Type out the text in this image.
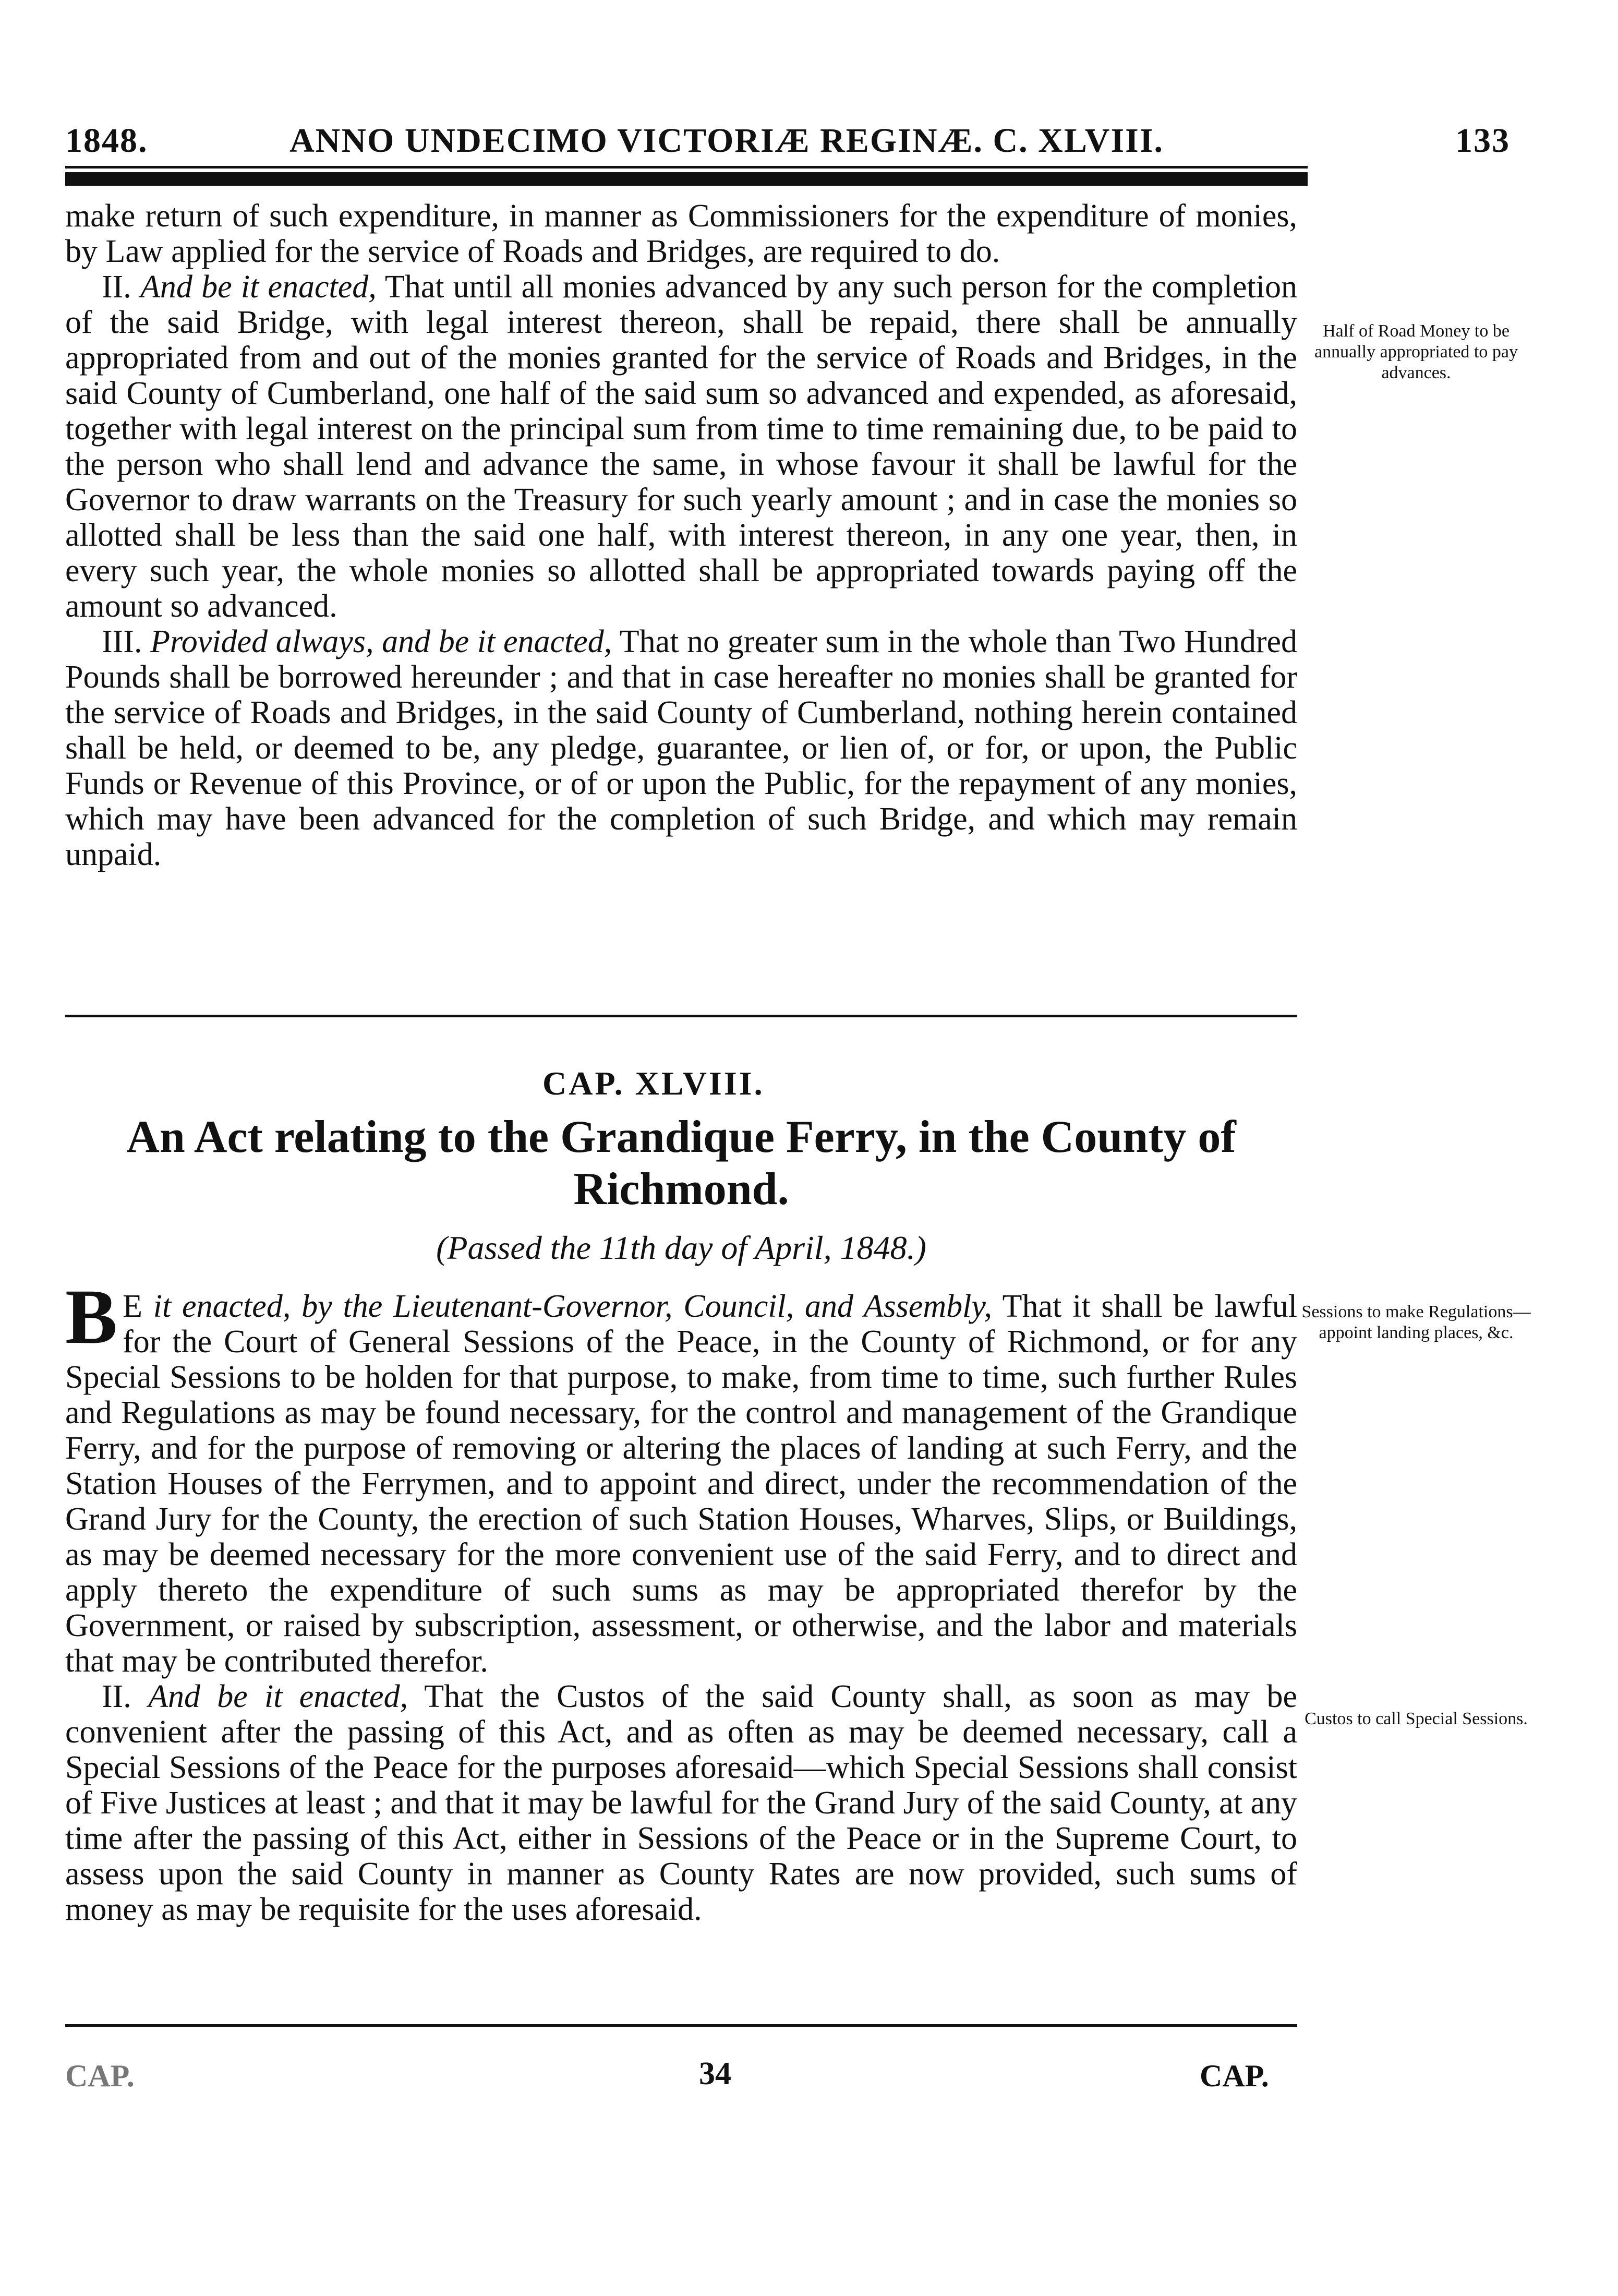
1848.	ANNO UNDECIMO VICTORIÆ REGINÆ. C. XLVIII.	133

make return of such expenditure, in manner as Commissioners for the expenditure of monies, by Law applied for the service of Roads and Bridges, are required to do.

II. And be it enacted, That until all monies advanced by any such person for the completion of the said Bridge, with legal interest thereon, shall be repaid, there shall be annually appropriated from and out of the monies granted for the service of Roads and Bridges, in the said County of Cumberland, one half of the said sum so advanced and expended, as aforesaid, together with legal interest on the principal sum from time to time remaining due, to be paid to the person who shall lend and advance the same, in whose favour it shall be lawful for the Governor to draw warrants on the Treasury for such yearly amount ; and in case the monies so allotted shall be less than the said one half, with interest thereon, in any one year, then, in every such year, the whole monies so allotted shall be appropriated towards paying off the amount so advanced.

III. Provided always, and be it enacted, That no greater sum in the whole than Two Hundred Pounds shall be borrowed hereunder ; and that in case hereafter no monies shall be granted for the service of Roads and Bridges, in the said County of Cumberland, nothing herein contained shall be held, or deemed to be, any pledge, guarantee, or lien of, or for, or upon, the Public Funds or Revenue of this Province, or of or upon the Public, for the repayment of any monies, which may have been advanced for the completion of such Bridge, and which may remain unpaid.

Half of Road Money to be annually appropriated to pay advances.
CAP. XLVIII.
An Act relating to the Grandique Ferry, in the County of Richmond.
(Passed the 11th day of April, 1848.)

B E it enacted, by the Lieutenant-Governor, Council, and Assembly, That it shall be lawful for the Court of General Sessions of the Peace, in the County of Richmond, or for any Special Sessions to be holden for that purpose, to make, from time to time, such further Rules and Regulations as may be found necessary, for the control and management of the Grandique Ferry, and for the purpose of removing or altering the places of landing at such Ferry, and the Station Houses of the Ferrymen, and to appoint and direct, under the recommendation of the Grand Jury for the County, the erection of such Station Houses, Wharves, Slips, or Buildings, as may be deemed necessary for the more convenient use of the said Ferry, and to direct and apply thereto the expenditure of such sums as may be appropriated therefor by the Government, or raised by subscription, assessment, or otherwise, and the labor and materials that may be contributed therefor.

II. And be it enacted, That the Custos of the said County shall, as soon as may be convenient after the passing of this Act, and as often as may be deemed necessary, call a Special Sessions of the Peace for the purposes aforesaid—which Special Sessions shall consist of Five Justices at least ; and that it may be lawful for the Grand Jury of the said County, at any time after the passing of this Act, either in Sessions of the Peace or in the Supreme Court, to assess upon the said County in manner as County Rates are now provided, such sums of money as may be requisite for the uses aforesaid.

Sessions to make Regulations—appoint landing places, &c.
Custos to call Special Sessions.
CAP.	34	CAP.
